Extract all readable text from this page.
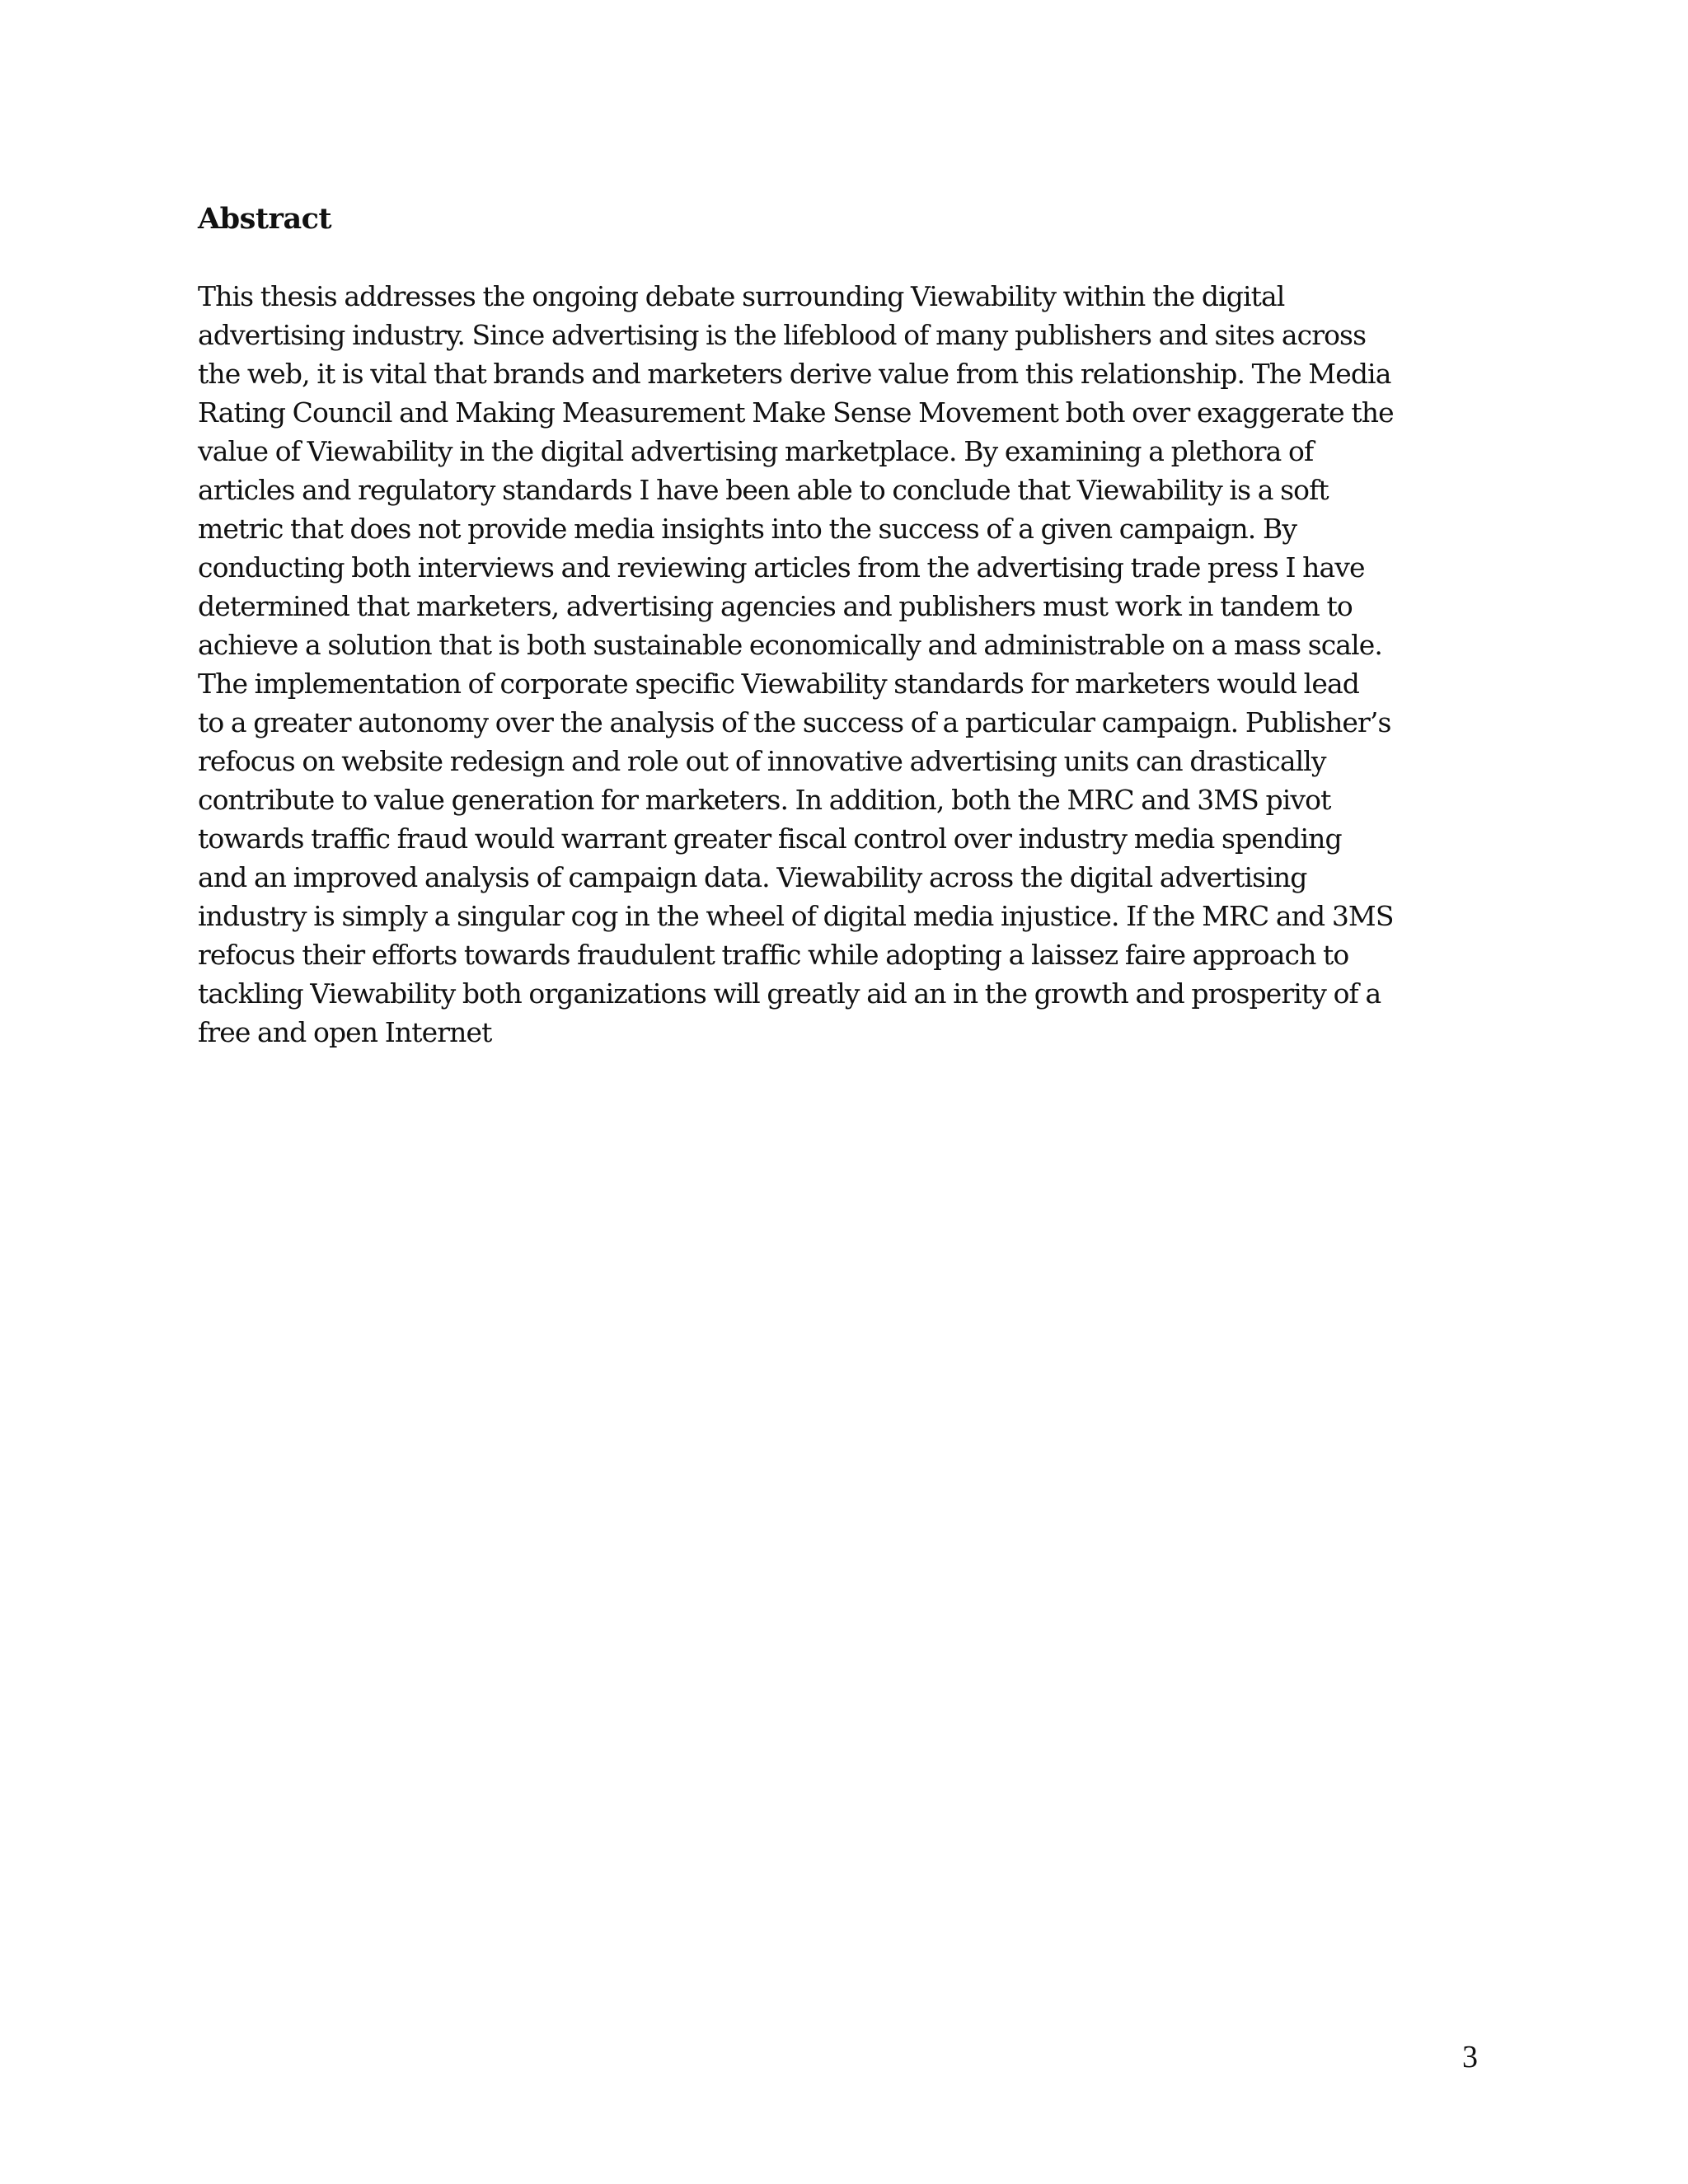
Abstract

This thesis addresses the ongoing debate surrounding Viewability within the digital
advertising industry. Since advertising is the lifeblood of many publishers and sites across
the web, it is vital that brands and marketers derive value from this relationship. The Media
Rating Council and Making Measurement Make Sense Movement both over exaggerate the
value of Viewability in the digital advertising marketplace. By examining a plethora of
articles and regulatory standards I have been able to conclude that Viewability is a soft
metric that does not provide media insights into the success of a given campaign. By
conducting both interviews and reviewing articles from the advertising trade press I have
determined that marketers, advertising agencies and publishers must work in tandem to
achieve a solution that is both sustainable economically and administrable on a mass scale.
The implementation of corporate specific Viewability standards for marketers would lead
to a greater autonomy over the analysis of the success of a particular campaign. Publisher’s
refocus on website redesign and role out of innovative advertising units can drastically
contribute to value generation for marketers. In addition, both the MRC and 3MS pivot
towards traffic fraud would warrant greater fiscal control over industry media spending
and an improved analysis of campaign data. Viewability across the digital advertising
industry is simply a singular cog in the wheel of digital media injustice. If the MRC and 3MS
refocus their efforts towards fraudulent traffic while adopting a laissez faire approach to
tackling Viewability both organizations will greatly aid an in the growth and prosperity of a
free and open Internet

3
